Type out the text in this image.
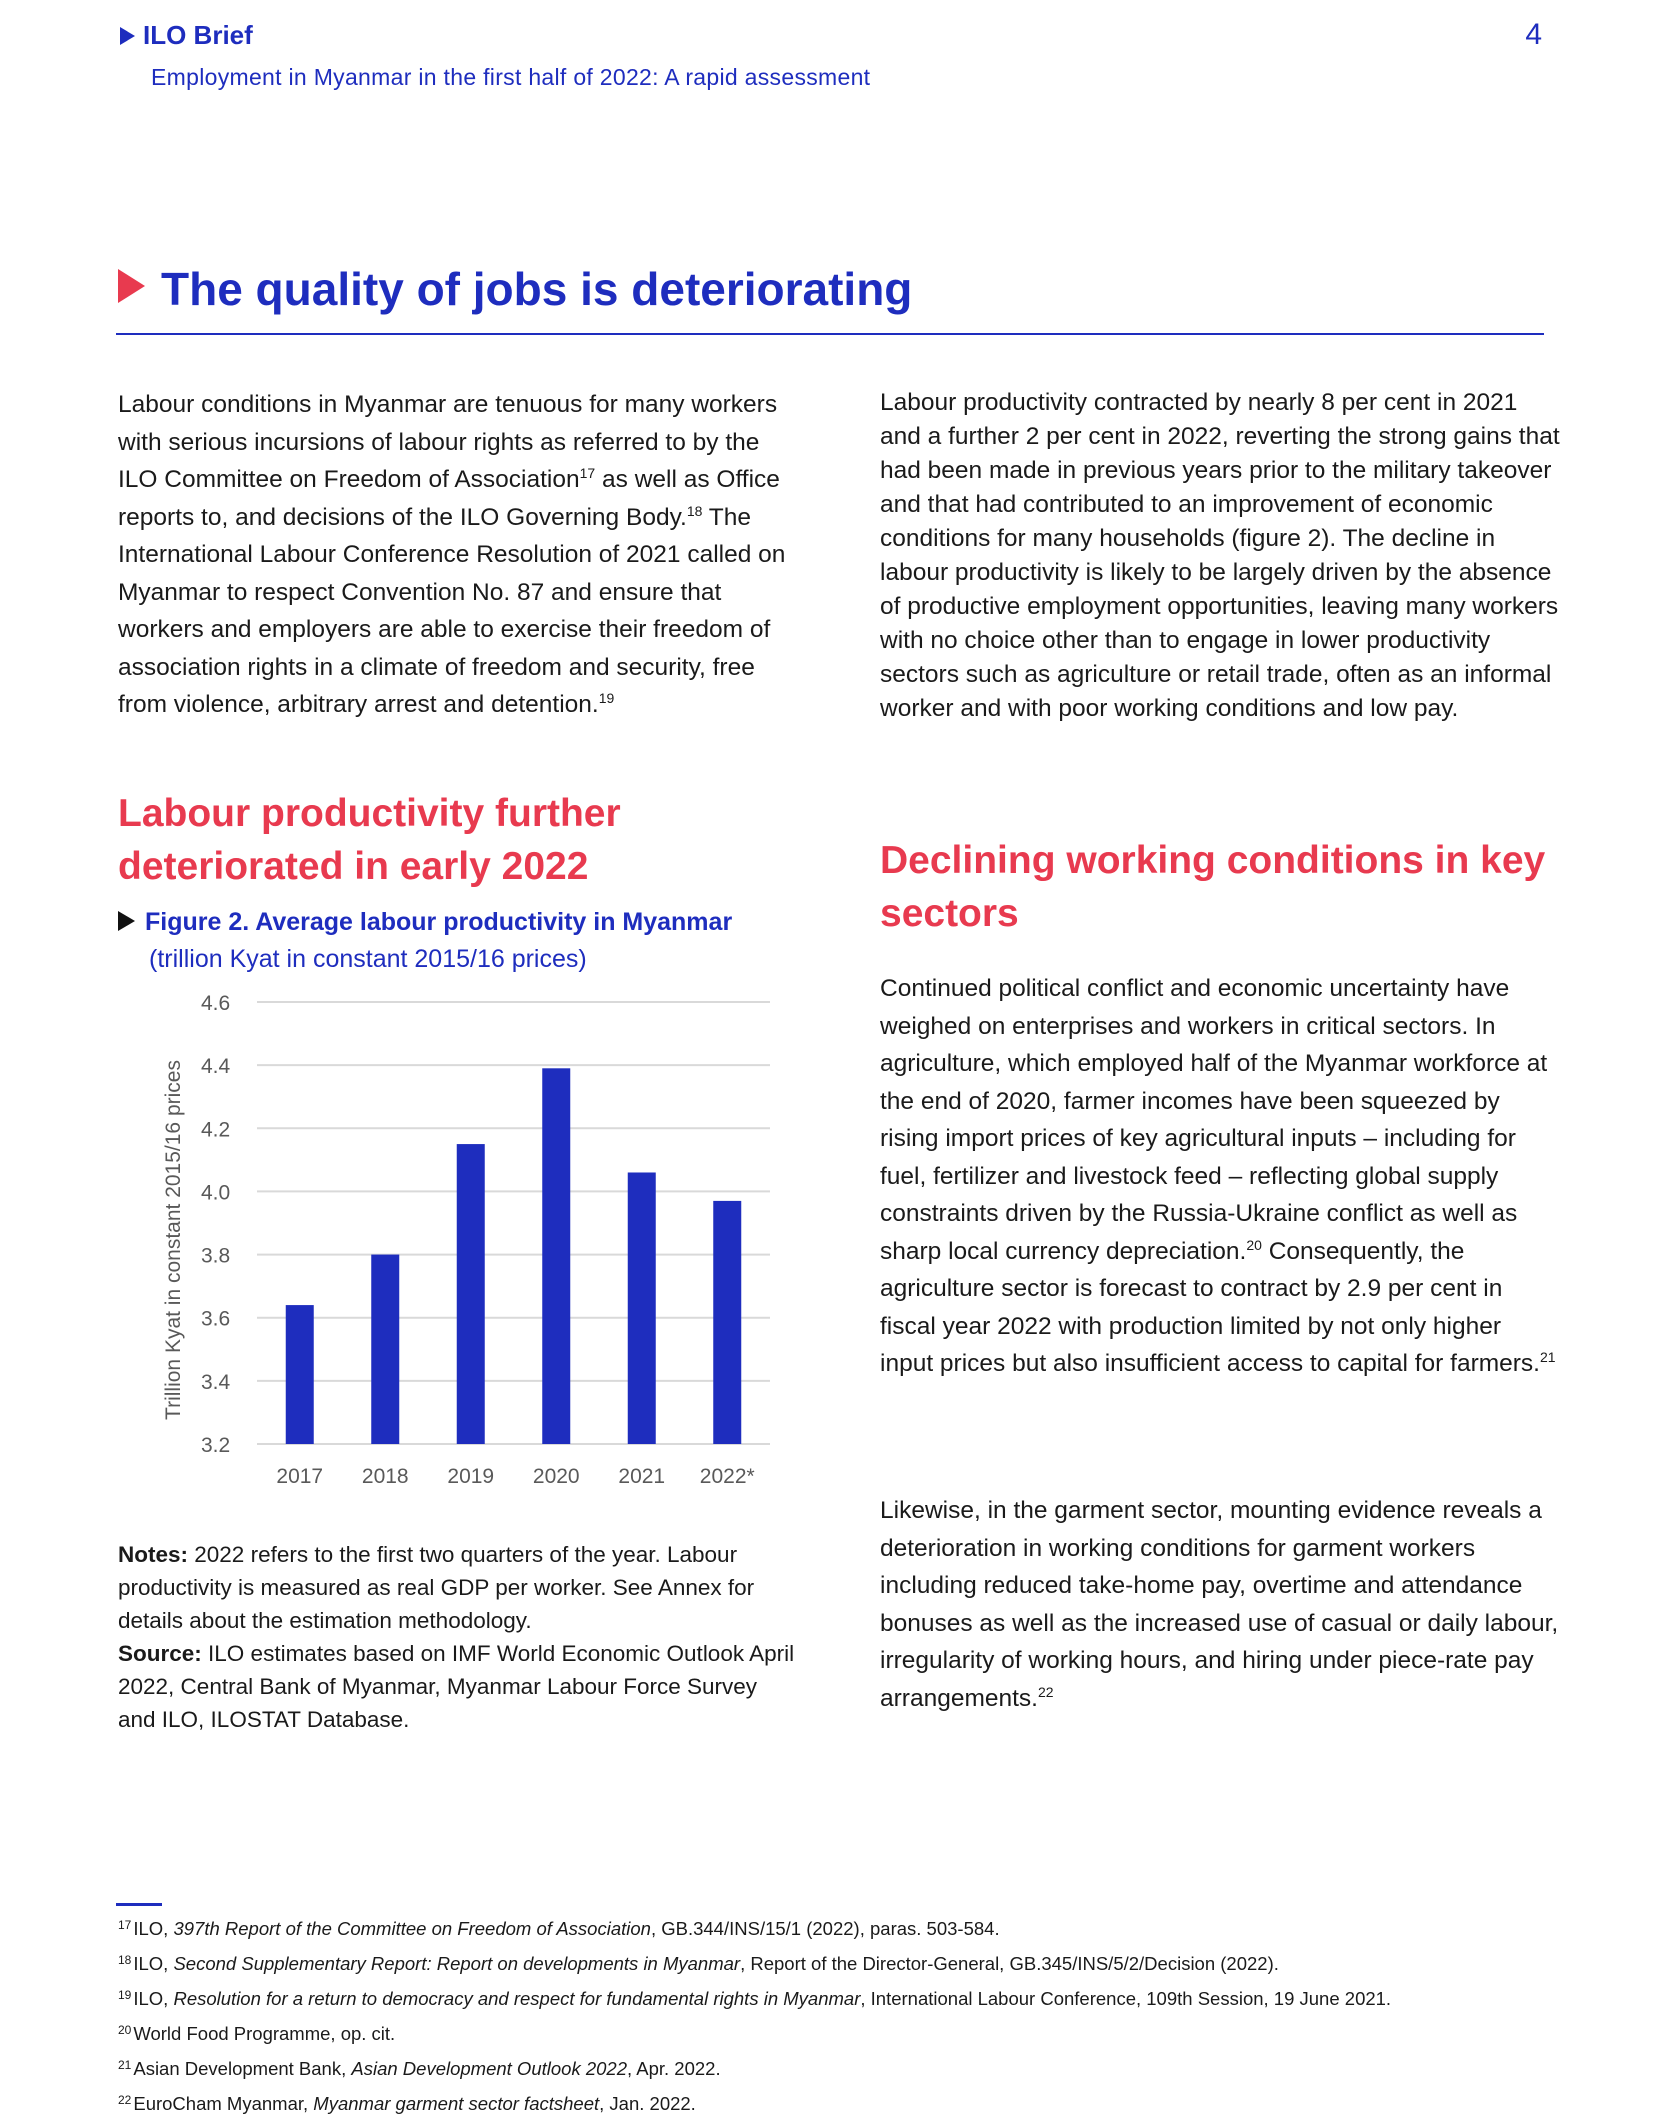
ILO Brief
Employment in Myanmar in the first half of 2022: A rapid assessment
4
The quality of jobs is deteriorating
Labour conditions in Myanmar are tenuous for many workers with serious incursions of labour rights as referred to by the ILO Committee on Freedom of Association$^{17}$ as well as Office reports to, and decisions of the ILO Governing Body.$^{18}$ The International Labour Conference Resolution of 2021 called on Myanmar to respect Convention No. 87 and ensure that workers and employers are able to exercise their freedom of association rights in a climate of freedom and security, free from violence, arbitrary arrest and detention.$^{19}$
Labour productivity further deteriorated in early 2022
Figure 2. Average labour productivity in Myanmar
(trillion Kyat in constant 2015/16 prices)
3.2
3.4
3.6
3.8
4.0
4.2
4.4
4.6
2017 2018 2019 2020 2021 2022*
Trillion Kyat in constant 2015/16 prices
Notes: 2022 refers to the first two quarters of the year. Labour productivity is measured as real GDP per worker. See Annex for details about the estimation methodology.
Source: ILO estimates based on IMF World Economic Outlook April 2022, Central Bank of Myanmar, Myanmar Labour Force Survey and ILO, ILOSTAT Database.
Labour productivity contracted by nearly 8 per cent in 2021 and a further 2 per cent in 2022, reverting the strong gains that had been made in previous years prior to the military takeover and that had contributed to an improvement of economic conditions for many households (figure 2). The decline in labour productivity is likely to be largely driven by the absence of productive employment opportunities, leaving many workers with no choice other than to engage in lower productivity sectors such as agriculture or retail trade, often as an informal worker and with poor working conditions and low pay.
Declining working conditions in key sectors
Continued political conflict and economic uncertainty have weighed on enterprises and workers in critical sectors. In agriculture, which employed half of the Myanmar workforce at the end of 2020, farmer incomes have been squeezed by rising import prices of key agricultural inputs – including for fuel, fertilizer and livestock feed – reflecting global supply constraints driven by the Russia-Ukraine conflict as well as sharp local currency depreciation.$^{20}$ Consequently, the agriculture sector is forecast to contract by 2.9 per cent in fiscal year 2022 with production limited by not only higher input prices but also insufficient access to capital for farmers.$^{21}$
Likewise, in the garment sector, mounting evidence reveals a deterioration in working conditions for garment workers including reduced take-home pay, overtime and attendance bonuses as well as the increased use of casual or daily labour, irregularity of working hours, and hiring under piece-rate pay arrangements.$^{22}$
$^{17}$ ILO, 397th Report of the Committee on Freedom of Association, GB.344/INS/15/1 (2022), paras. 503-584.
$^{18}$ ILO, Second Supplementary Report: Report on developments in Myanmar, Report of the Director-General, GB.345/INS/5/2/Decision (2022).
$^{19}$ ILO, Resolution for a return to democracy and respect for fundamental rights in Myanmar, International Labour Conference, 109th Session, 19 June 2021.
$^{20}$ World Food Programme, op. cit.
$^{21}$ Asian Development Bank, Asian Development Outlook 2022, Apr. 2022.
$^{22}$ EuroCham Myanmar, Myanmar garment sector factsheet, Jan. 2022.
